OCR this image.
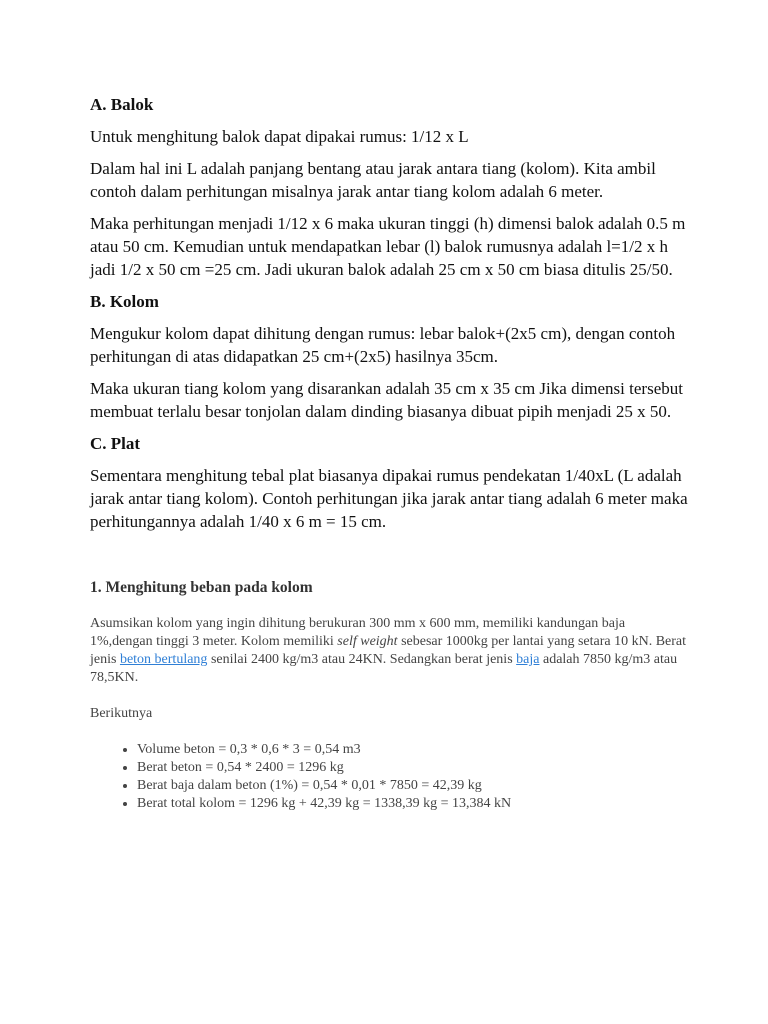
A. Balok

Untuk menghitung balok dapat dipakai rumus: 1/12 x L

Dalam hal ini L adalah panjang bentang atau jarak antara tiang (kolom). Kita ambil contoh dalam perhitungan misalnya jarak antar tiang kolom adalah 6 meter.

Maka perhitungan menjadi 1/12 x 6 maka ukuran tinggi (h) dimensi balok adalah 0.5 m atau 50 cm. Kemudian untuk mendapatkan lebar (l) balok rumusnya adalah l=1/2 x h jadi 1/2 x 50 cm =25 cm. Jadi ukuran balok adalah 25 cm x 50 cm biasa ditulis 25/50.

B. Kolom

Mengukur kolom dapat dihitung dengan rumus: lebar balok+(2x5 cm), dengan contoh perhitungan di atas didapatkan 25 cm+(2x5) hasilnya 35cm.

Maka ukuran tiang kolom yang disarankan adalah 35 cm x 35 cm Jika dimensi tersebut membuat terlalu besar tonjolan dalam dinding biasanya dibuat pipih menjadi 25 x 50.

C. Plat

Sementara menghitung tebal plat biasanya dipakai rumus pendekatan 1/40xL (L adalah jarak antar tiang kolom). Contoh perhitungan jika jarak antar tiang adalah 6 meter maka perhitungannya adalah 1/40 x 6 m = 15 cm.

1. Menghitung beban pada kolom

Asumsikan kolom yang ingin dihitung berukuran 300 mm x 600 mm, memiliki kandungan baja 1%,dengan tinggi 3 meter. Kolom memiliki self weight sebesar 1000kg per lantai yang setara 10 kN. Berat jenis beton bertulang senilai 2400 kg/m3 atau 24KN. Sedangkan berat jenis baja adalah 7850 kg/m3 atau 78,5KN.

Berikutnya

• Volume beton = 0,3 * 0,6 * 3 = 0,54 m3
• Berat beton = 0,54 * 2400 = 1296 kg
• Berat baja dalam beton (1%) = 0,54 * 0,01 * 7850 = 42,39 kg
• Berat total kolom = 1296 kg + 42,39 kg = 1338,39 kg = 13,384 kN
